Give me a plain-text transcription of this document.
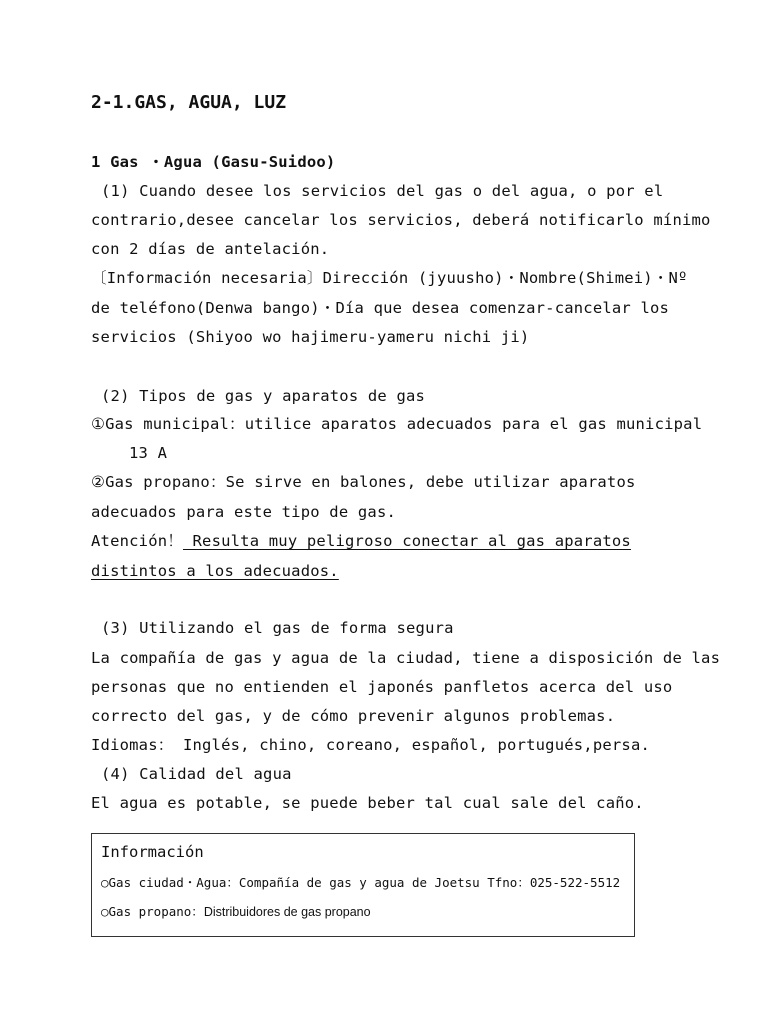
2-1.GAS, AGUA, LUZ
1 Gas ・Agua (Gasu-Suidoo)
(1) Cuando desee los servicios del gas o del agua, o por el
contrario,desee cancelar los servicios, deberá notificarlo mínimo
con 2 días de antelación.
〔Información necesaria〕Dirección (jyuusho)・Nombre(Shimei)・Nº
de teléfono(Denwa bango)・Día que desea comenzar-cancelar los
servicios (Shiyoo wo hajimeru-yameru nichi ji)
(2) Tipos de gas y aparatos de gas
①Gas municipal：utilice aparatos adecuados para el gas municipal
13 A
②Gas propano：Se sirve en balones, debe utilizar aparatos
adecuados para este tipo de gas.
Atención！ Resulta muy peligroso conectar al gas aparatos
distintos a los adecuados.
(3) Utilizando el gas de forma segura
La compañía de gas y agua de la ciudad, tiene a disposición de las
personas que no entienden el japonés panfletos acerca del uso
correcto del gas, y de cómo prevenir algunos problemas.
Idiomas： Inglés, chino, coreano, español, portugués,persa.
(4) Calidad del agua
El agua es potable, se puede beber tal cual sale del caño.
Información
○Gas ciudad・Agua：Compañía de gas y agua de Joetsu Tfno：025-522-5512
○Gas propano：Distribuidores de gas propano
